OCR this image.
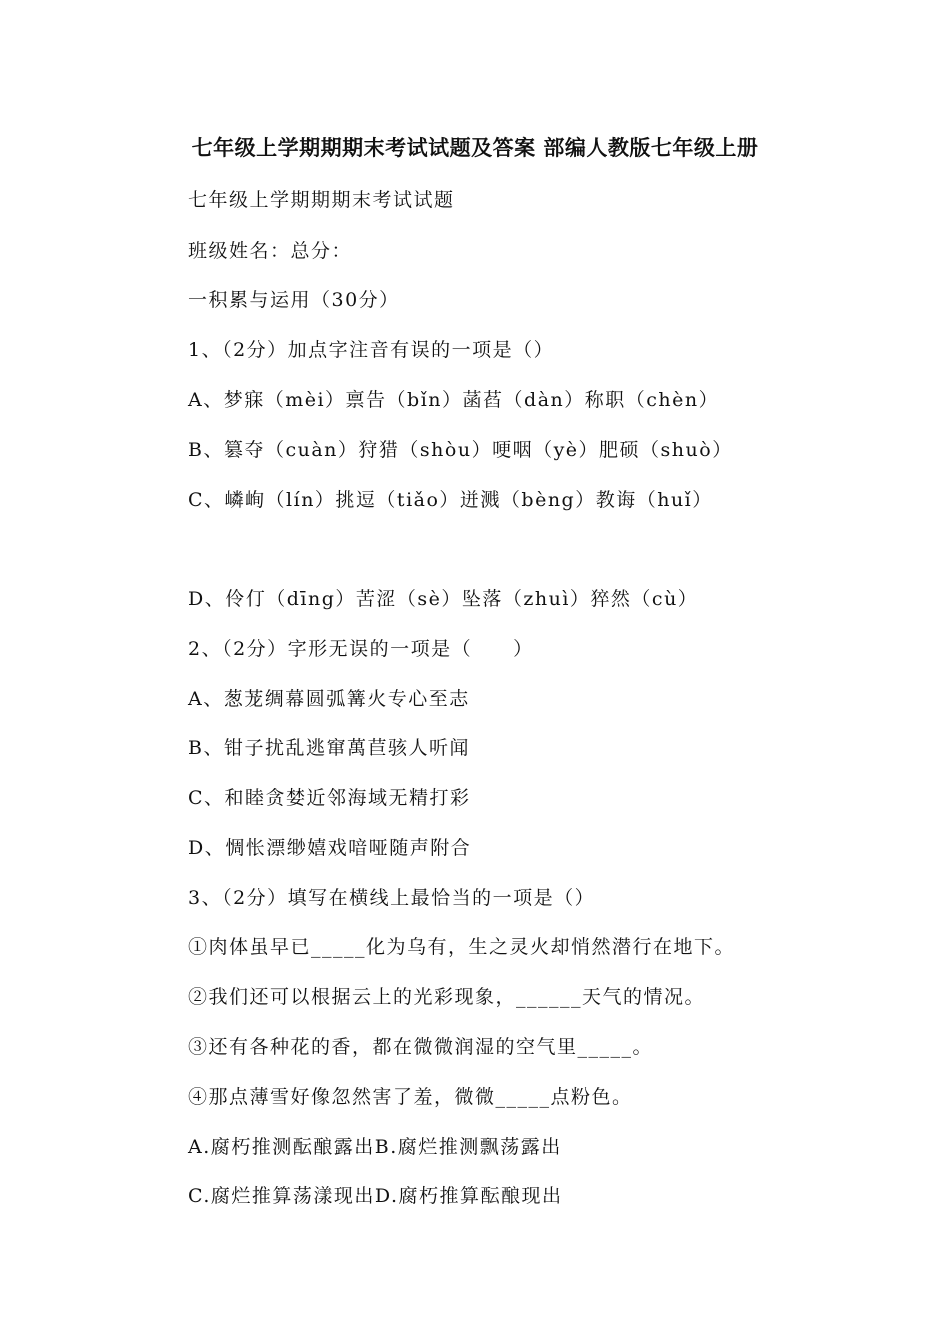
七年级上学期期期末考试试题及答案 部编人教版七年级上册
七年级上学期期期末考试试题
班级姓名：总分：
一积累与运用（30分）
1、（2分）加点字注音有误的一项是（）
A、梦寐（mèi）禀告（bǐn）菡萏（dàn）称职（chèn）
B、篡夺（cuàn）狩猎（shòu）哽咽（yè）肥硕（shuò）
C、嶙峋（lín）挑逗（tiǎo）迸溅（bèng）教诲（huǐ）
D、伶仃（dīng）苦涩（sè）坠落（zhuì）猝然（cù）
2、（2分）字形无误的一项是（　　）
A、葱茏绸幕圆弧篝火专心至志
B、钳子扰乱逃窜萬苣骇人听闻
C、和睦贪婪近邻海域无精打彩
D、惆怅漂缈嬉戏喑哑随声附合
3、（2分）填写在横线上最恰当的一项是（）
①肉体虽早已_____化为乌有，生之灵火却悄然潜行在地下。
②我们还可以根据云上的光彩现象，______天气的情况。
③还有各种花的香，都在微微润湿的空气里_____。
④那点薄雪好像忽然害了羞，微微_____点粉色。
A.腐朽推测酝酿露出B.腐烂推测飘荡露出
C.腐烂推算荡漾现出D.腐朽推算酝酿现出
